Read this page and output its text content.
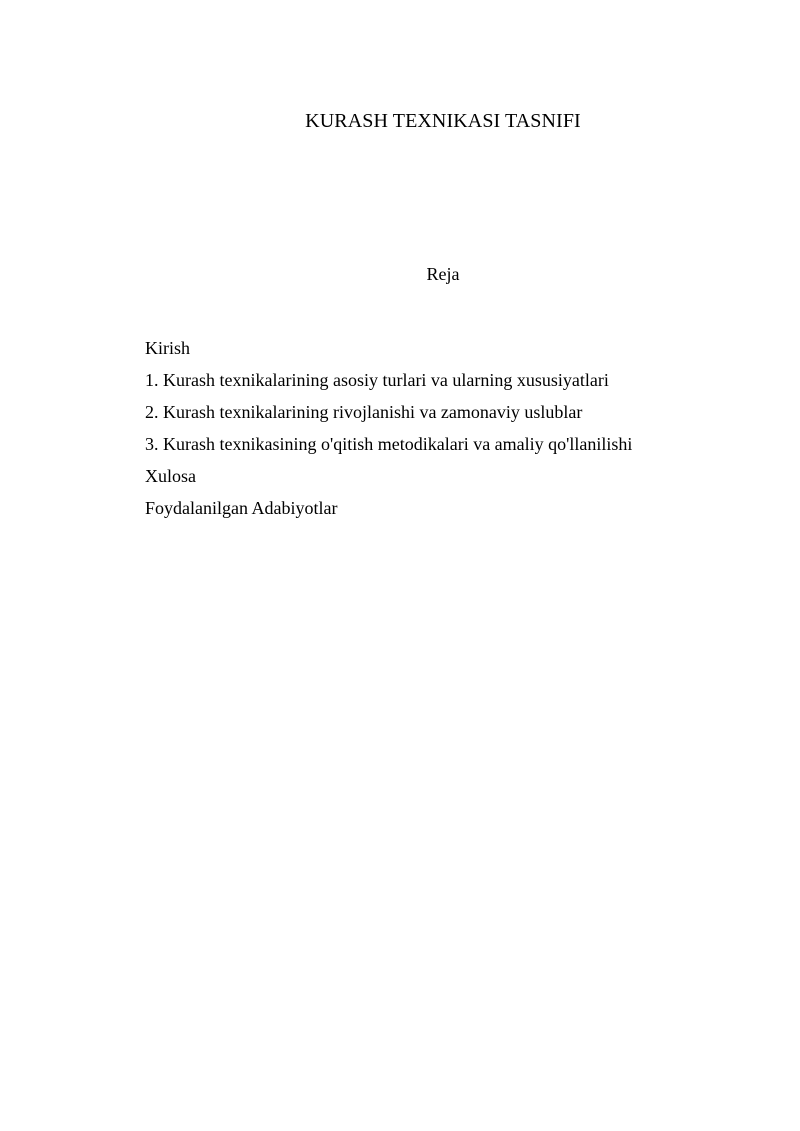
KURASH TEXNIKASI TASNIFI
Reja
Kirish
1. Kurash texnikalarining asosiy turlari va ularning xususiyatlari
2. Kurash texnikalarining rivojlanishi va zamonaviy uslublar
3. Kurash texnikasining o'qitish metodikalari va amaliy qo'llanilishi
Xulosa
Foydalanilgan Adabiyotlar
